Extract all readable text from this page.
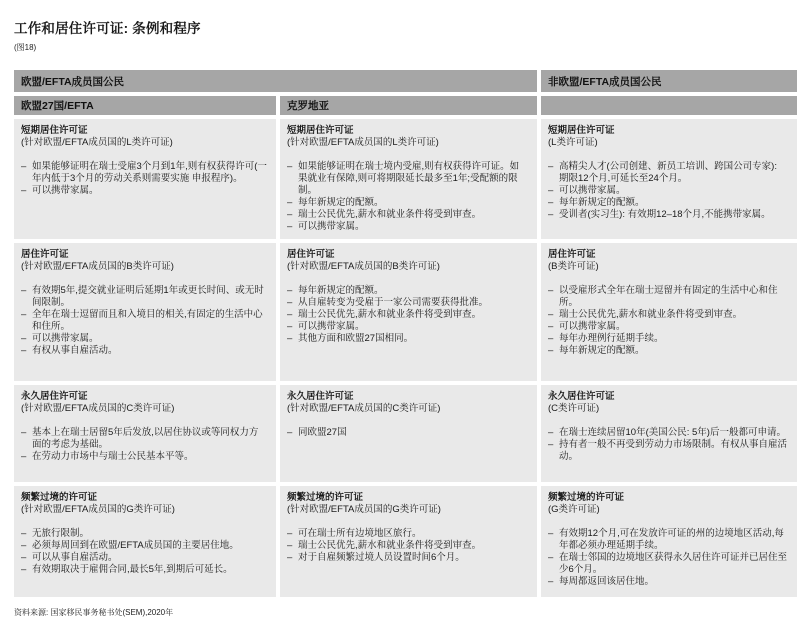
工作和居住许可证: 条例和程序
(图18)
欧盟/EFTA成员国公民	非欧盟/EFTA成员国公民
欧盟27国/EFTA	克罗地亚
短期居住许可证
(针对欧盟/EFTA成员国的L类许可证)
– 如果能够证明在瑞士受雇3个月到1年,则有权获得许可(一年内低于3个月的劳动关系则需要实施 申报程序)。
– 可以携带家属。
短期居住许可证
(针对欧盟/EFTA成员国的L类许可证)
– 如果能够证明在瑞士境内受雇,则有权获得许可证。如果就业有保障,则可将期限延长最多至1年;受配额的限制。
– 每年新规定的配额。
– 瑞士公民优先,薪水和就业条件将受到审查。
– 可以携带家属。
短期居住许可证
(L类许可证)
– 高精尖人才(公司创建、新员工培训、跨国公司专家): 期限12个月,可延长至24个月。
– 可以携带家属。
– 每年新规定的配额。
– 受训者(实习生): 有效期12–18个月,不能携带家属。
居住许可证
(针对欧盟/EFTA成员国的B类许可证)
– 有效期5年,提交就业证明后延期1年或更长时间、或无时间限制。
– 全年在瑞士逗留而且和入境目的相关,有固定的生活中心和住所。
– 可以携带家属。
– 有权从事自雇活动。
居住许可证
(针对欧盟/EFTA成员国的B类许可证)
– 每年新规定的配额。
– 从自雇转变为受雇于一家公司需要获得批准。
– 瑞士公民优先,薪水和就业条件将受到审查。
– 可以携带家属。
– 其他方面和欧盟27国相同。
居住许可证
(B类许可证)
– 以受雇形式全年在瑞士逗留并有固定的生活中心和住所。
– 瑞士公民优先,薪水和就业条件将受到审查。
– 可以携带家属。
– 每年办理例行延期手续。
– 每年新规定的配额。
永久居住许可证
(针对欧盟/EFTA成员国的C类许可证)
– 基本上在瑞士居留5年后发放,以居住协议或等同权力方面的考虑为基础。
– 在劳动力市场中与瑞士公民基本平等。
永久居住许可证
(针对欧盟/EFTA成员国的C类许可证)
– 同欧盟27国
永久居住许可证
(C类许可证)
– 在瑞士连续居留10年(美国公民: 5年)后一般都可申请。
– 持有者一般不再受到劳动力市场限制。有权从事自雇活动。
频繁过境的许可证
(针对欧盟/EFTA成员国的G类许可证)
– 无旅行限制。
– 必须每周回到在欧盟/EFTA成员国的主要居住地。
– 可以从事自雇活动。
– 有效期取决于雇佣合同,最长5年,到期后可延长。
频繁过境的许可证
(针对欧盟/EFTA成员国的G类许可证)
– 可在瑞士所有边境地区旅行。
– 瑞士公民优先,薪水和就业条件将受到审查。
– 对于自雇频繁过境人员设置时间6个月。
频繁过境的许可证
(G类许可证)
– 有效期12个月,可在发放许可证的州的边境地区活动,每年都必须办理延期手续。
– 在瑞士邻国的边境地区获得永久居住许可证并已居住至少6个月。
– 每周都返回该居住地。
资料来源: 国家移民事务秘书处(SEM),2020年
